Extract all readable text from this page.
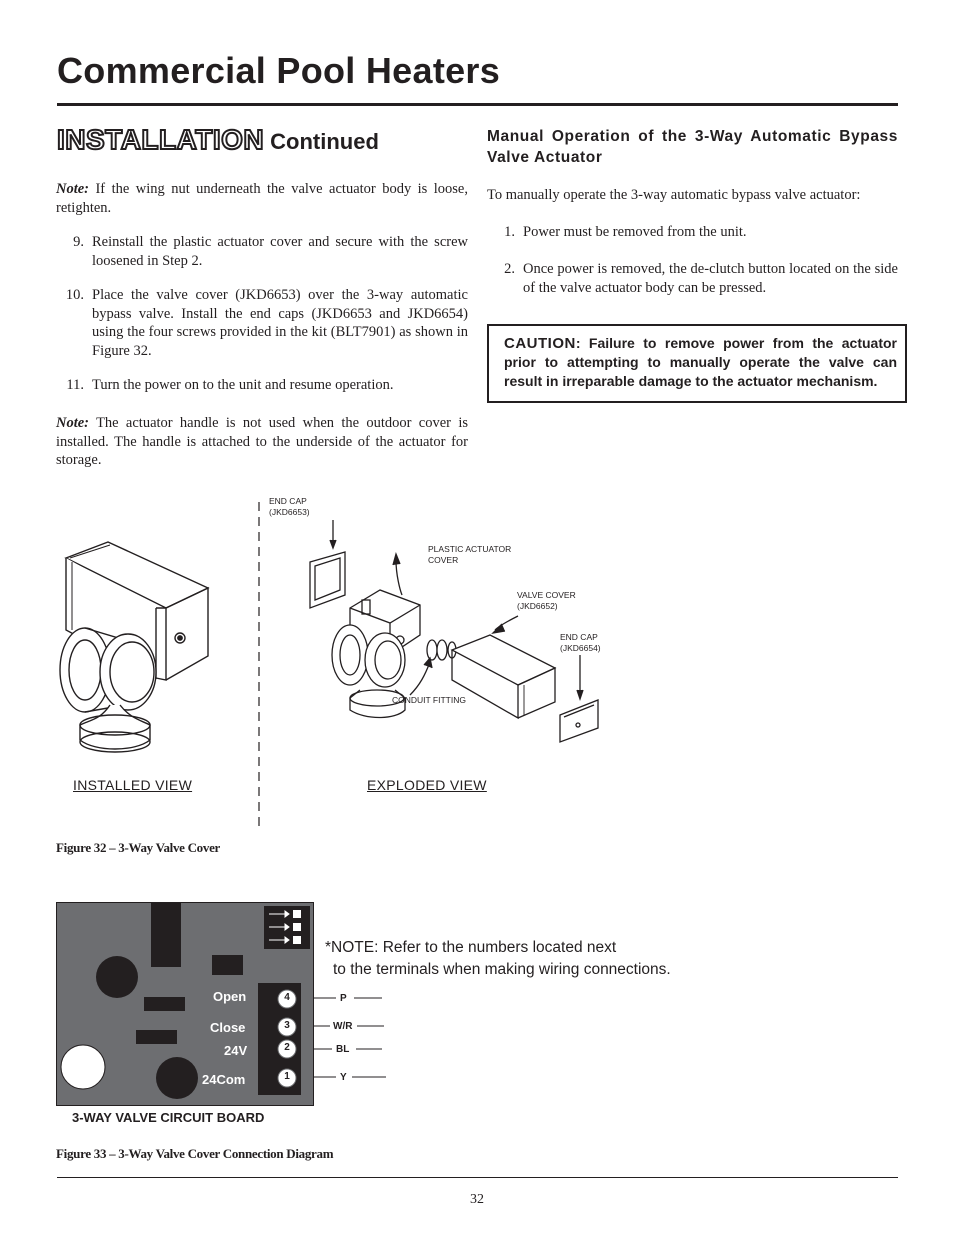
Commercial Pool Heaters
INSTALLATION Continued
Note: If the wing nut underneath the valve actuator body is loose, retighten.
9. Reinstall the plastic actuator cover and secure with the screw loosened in Step 2.
10. Place the valve cover (JKD6653) over the 3-way automatic bypass valve. Install the end caps (JKD6653 and JKD6654) using the four screws provided in the kit (BLT7901) as shown in Figure 32.
11. Turn the power on to the unit and resume operation.
Note: The actuator handle is not used when the outdoor cover is installed. The handle is attached to the underside of the actuator for storage.
Manual Operation of the 3-Way Automatic Bypass Valve Actuator
To manually operate the 3-way automatic bypass valve actuator:
1. Power must be removed from the unit.
2. Once power is removed, the de-clutch button located on the side of the valve actuator body can be pressed.
CAUTION: Failure to remove power from the actuator prior to attempting to manually operate the valve can result in irreparable damage to the actuator mechanism.
END CAP
(JKD6653)
PLASTIC ACTUATOR
COVER
VALVE COVER
(JKD6652)
END CAP
(JKD6654)
CONDUIT FITTING
INSTALLED VIEW	EXPLODED VIEW
Figure 32 – 3-Way Valve Cover
Open
Close
24V
24Com
4
3
2
1
P
W/R
BL
Y
*NOTE: Refer to the numbers located next
to the terminals when making wiring connections.
3-WAY VALVE CIRCUIT BOARD
Figure 33 – 3-Way Valve Cover Connection Diagram
32
